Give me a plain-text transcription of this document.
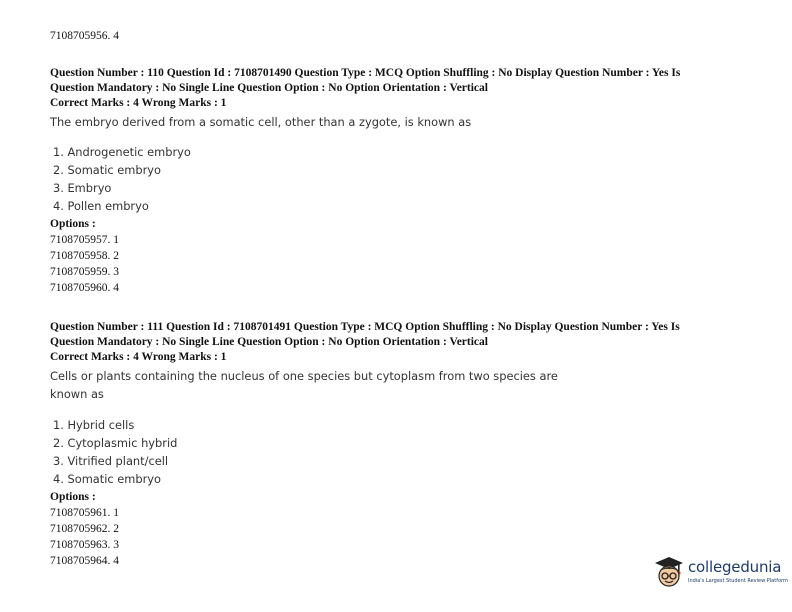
7108705956. 4
Question Number : 110 Question Id : 7108701490 Question Type : MCQ Option Shuffling : No Display Question Number : Yes Is
Question Mandatory : No Single Line Question Option : No Option Orientation : Vertical
Correct Marks : 4 Wrong Marks : 1
The embryo derived from a somatic cell, other than a zygote, is known as
1. Androgenetic embryo
2. Somatic embryo
3. Embryo
4. Pollen embryo
Options :
7108705957. 1
7108705958. 2
7108705959. 3
7108705960. 4
Question Number : 111 Question Id : 7108701491 Question Type : MCQ Option Shuffling : No Display Question Number : Yes Is
Question Mandatory : No Single Line Question Option : No Option Orientation : Vertical
Correct Marks : 4 Wrong Marks : 1
Cells or plants containing the nucleus of one species but cytoplasm from two species are
known as
1. Hybrid cells
2. Cytoplasmic hybrid
3. Vitrified plant/cell
4. Somatic embryo
Options :
7108705961. 1
7108705962. 2
7108705963. 3
7108705964. 4	collegedunia
India's Largest Student Review Platform
